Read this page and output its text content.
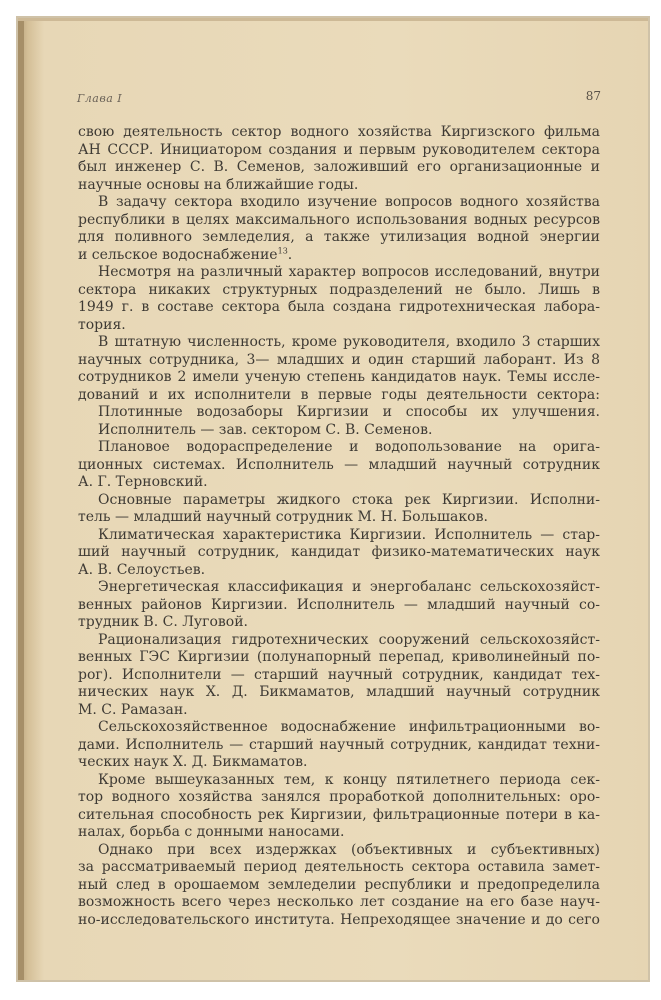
Глава I	87
свою деятельность сектор водного хозяйства Киргизского фильма
АН СССР. Инициатором создания и первым руководителем сектора
был инженер С. В. Семенов, заложивший его организационные и
научные основы на ближайшие годы.
В задачу сектора входило изучение вопросов водного хозяйства
республики в целях максимального использования водных ресурсов
для поливного земледелия, а также утилизация водной энергии
и сельское водоснабжение$^{13}$.
Несмотря на различный характер вопросов исследований, внутри
сектора никаких структурных подразделений не было. Лишь в
1949 г. в составе сектора была создана гидротехническая лабора-
тория.
В штатную численность, кроме руководителя, входило 3 старших
научных сотрудника, 3— младших и один старший лаборант. Из 8
сотрудников 2 имели ученую степень кандидатов наук. Темы иссле-
дований и их исполнители в первые годы деятельности сектора:
Плотинные водозаборы Киргизии и способы их улучшения.
Исполнитель — зав. сектором С. В. Семенов.
Плановое водораспределение и водопользование на орига-
ционных системах. Исполнитель — младший научный сотрудник
А. Г. Терновский.
Основные параметры жидкого стока рек Киргизии. Исполни-
тель — младший научный сотрудник М. Н. Большаков.
Климатическая характеристика Киргизии. Исполнитель — стар-
ший научный сотрудник, кандидат физико-математических наук
А. В. Селоустьев.
Энергетическая классификация и энергобаланс сельскохозяйст-
венных районов Киргизии. Исполнитель — младший научный со-
трудник В. С. Луговой.
Рационализация гидротехнических сооружений сельскохозяйст-
венных ГЭС Киргизии (полунапорный перепад, криволинейный по-
рог). Исполнители — старший научный сотрудник, кандидат тех-
нических наук Х. Д. Бикмаматов, младший научный сотрудник
М. С. Рамазан.
Сельскохозяйственное водоснабжение инфильтрационными во-
дами. Исполнитель — старший научный сотрудник, кандидат техни-
ческих наук Х. Д. Бикмаматов.
Кроме вышеуказанных тем, к концу пятилетнего периода сек-
тор водного хозяйства занялся проработкой дополнительных: оро-
сительная способность рек Киргизии, фильтрационные потери в ка-
налах, борьба с донными наносами.
Однако при всех издержках (объективных и субъективных)
за рассматриваемый период деятельность сектора оставила замет-
ный след в орошаемом земледелии республики и предопределила
возможность всего через несколько лет создание на его базе науч-
но-исследовательского института. Непреходящее значение и до сего
